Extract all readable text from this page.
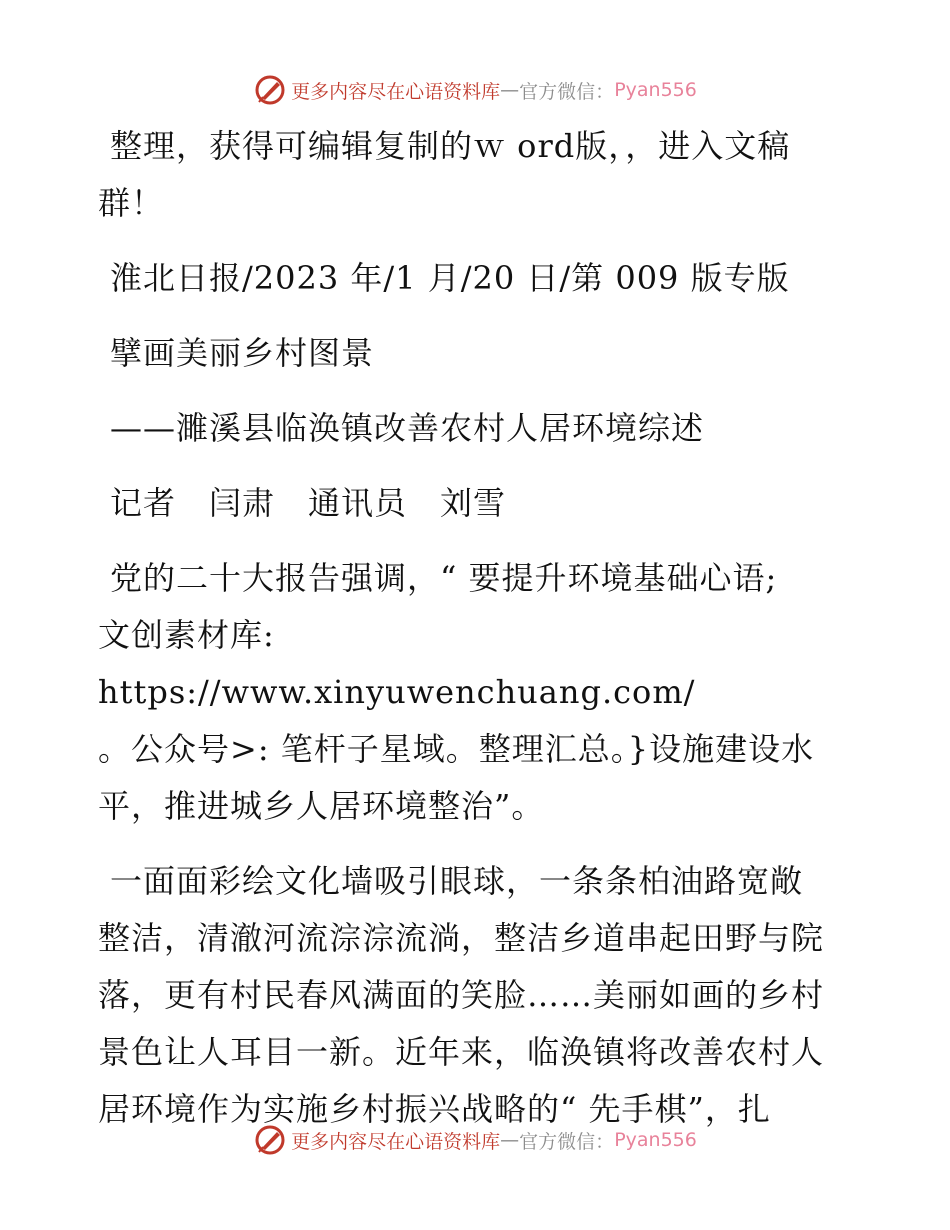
更多内容尽在心语资料库 — 官方微信： Pyan556
整理，获得可编辑复制的ｗ ord版，，进入文稿
群！
淮北日报/2023 年/1 月/20 日/第 009 版专版
擘画美丽乡村图景
——濉溪县临涣镇改善农村人居环境综述
记者　闫肃　通讯员　刘雪
党的二十大报告强调，“ 要提升环境基础心语;
文创素材库: https://www.xinyuwenchuang.com/
。公众号>: 笔杆子星域。整理汇总。}设施建设水
平，推进城乡人居环境整治”。
一面面彩绘文化墙吸引眼球，一条条柏油路宽敞
整洁，清澈河流淙淙流淌，整洁乡道串起田野与院
落，更有村民春风满面的笑脸……美丽如画的乡村
景色让人耳目一新。近年来，临涣镇将改善农村人
居环境作为实施乡村振兴战略的“ 先手棋”，扎
更多内容尽在心语资料库 — 官方微信： Pyan556
